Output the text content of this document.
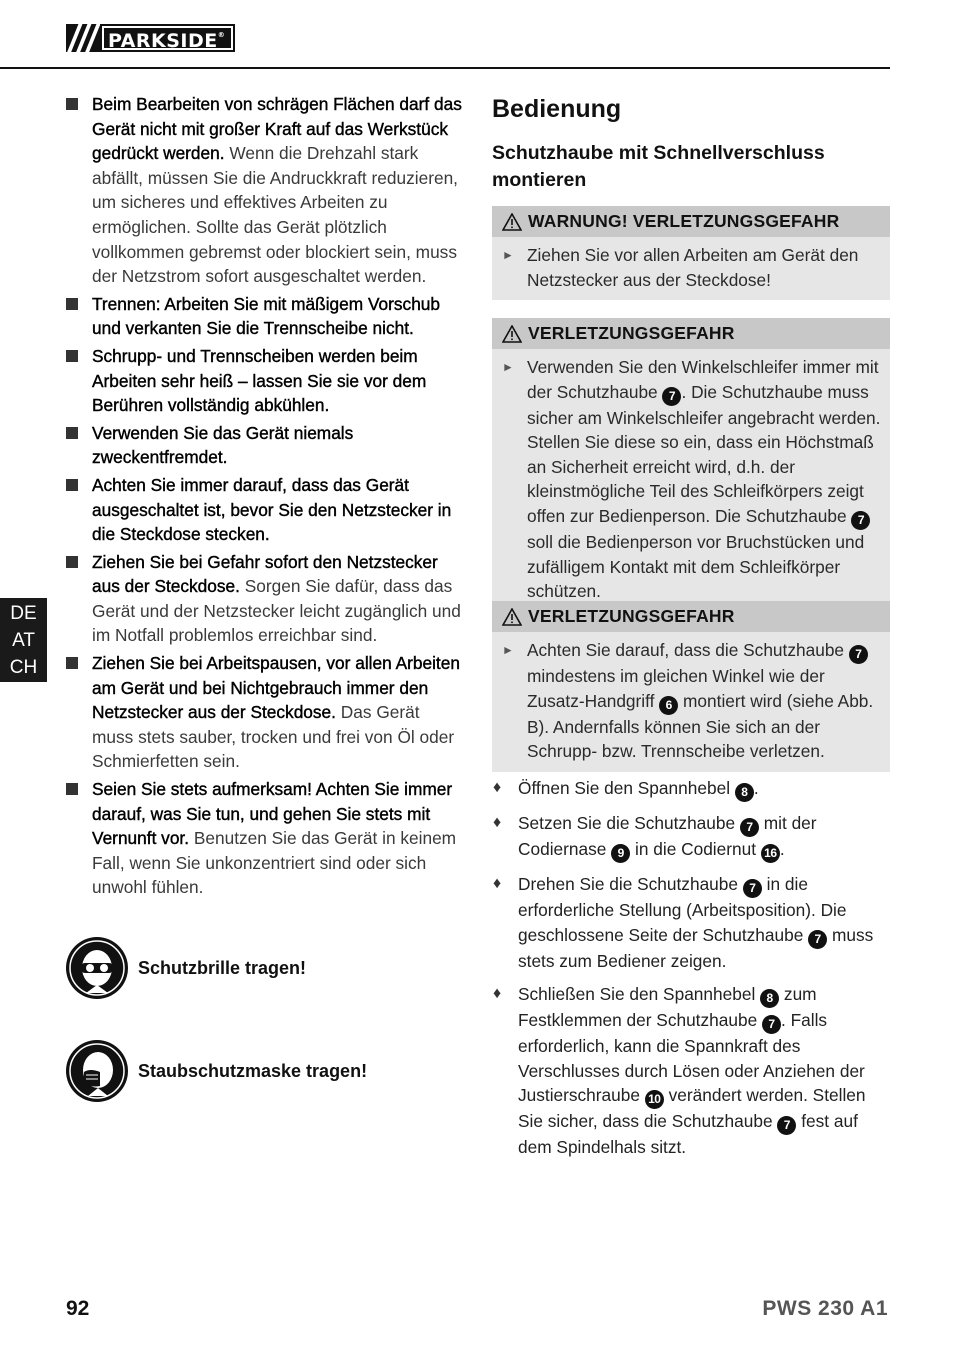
PARKSIDE®
DE
AT
CH
Beim Bearbeiten von schrägen Flächen darf das Gerät nicht mit großer Kraft auf das Werkstück gedrückt werden. Wenn die Drehzahl stark abfällt, müssen Sie die Andruckkraft reduzieren, um sicheres und effektives Arbeiten zu ermöglichen. Sollte das Gerät plötzlich vollkommen gebremst oder blockiert sein, muss der Netzstrom sofort ausgeschaltet werden.
Trennen: Arbeiten Sie mit mäßigem Vorschub und verkanten Sie die Trennscheibe nicht.
Schrupp- und Trennscheiben werden beim Arbeiten sehr heiß – lassen Sie sie vor dem Berühren vollständig abkühlen.
Verwenden Sie das Gerät niemals zweckentfremdet.
Achten Sie immer darauf, dass das Gerät ausgeschaltet ist, bevor Sie den Netzstecker in die Steckdose stecken.
Ziehen Sie bei Gefahr sofort den Netzstecker aus der Steckdose. Sorgen Sie dafür, dass das Gerät und der Netzstecker leicht zugänglich und im Notfall problemlos erreichbar sind.
Ziehen Sie bei Arbeitspausen, vor allen Arbeiten am Gerät und bei Nichtgebrauch immer den Netzstecker aus der Steckdose. Das Gerät muss stets sauber, trocken und frei von Öl oder Schmierfetten sein.
Seien Sie stets aufmerksam! Achten Sie immer darauf, was Sie tun, und gehen Sie stets mit Vernunft vor. Benutzen Sie das Gerät in keinem Fall, wenn Sie unkonzentriert sind oder sich unwohl fühlen.
Schutzbrille tragen!
Staubschutzmaske tragen!
Bedienung
Schutzhaube mit Schnellverschluss montieren
WARNUNG! VERLETZUNGSGEFAHR
► Ziehen Sie vor allen Arbeiten am Gerät den Netzstecker aus der Steckdose!
VERLETZUNGSGEFAHR
► Verwenden Sie den Winkelschleifer immer mit der Schutzhaube 7 . Die Schutzhaube muss sicher am Winkelschleifer angebracht werden. Stellen Sie diese so ein, dass ein Höchstmaß an Sicherheit erreicht wird, d.h. der kleinstmögliche Teil des Schleifkörpers zeigt offen zur Bedienperson. Die Schutzhaube 7 soll die Bedienperson vor Bruchstücken und zufälligem Kontakt mit dem Schleifkörper schützen.
VERLETZUNGSGEFAHR
► Achten Sie darauf, dass die Schutzhaube 7 mindestens im gleichen Winkel wie der Zusatz-Handgriff 6 montiert wird (siehe Abb. B). Andernfalls können Sie sich an der Schrupp- bzw. Trennscheibe verletzen.
♦ Öffnen Sie den Spannhebel 8 .
♦ Setzen Sie die Schutzhaube 7 mit der Codiernase 9 in die Codiernut 16 .
♦ Drehen Sie die Schutzhaube 7 in die erforderliche Stellung (Arbeitsposition). Die geschlossene Seite der Schutzhaube 7 muss stets zum Bediener zeigen.
♦ Schließen Sie den Spannhebel 8 zum Festklemmen der Schutzhaube 7 . Falls erforderlich, kann die Spannkraft des Verschlusses durch Lösen oder Anziehen der Justierschraube 10 verändert werden. Stellen Sie sicher, dass die Schutzhaube 7 fest auf dem Spindelhals sitzt.
92	PWS 230 A1
